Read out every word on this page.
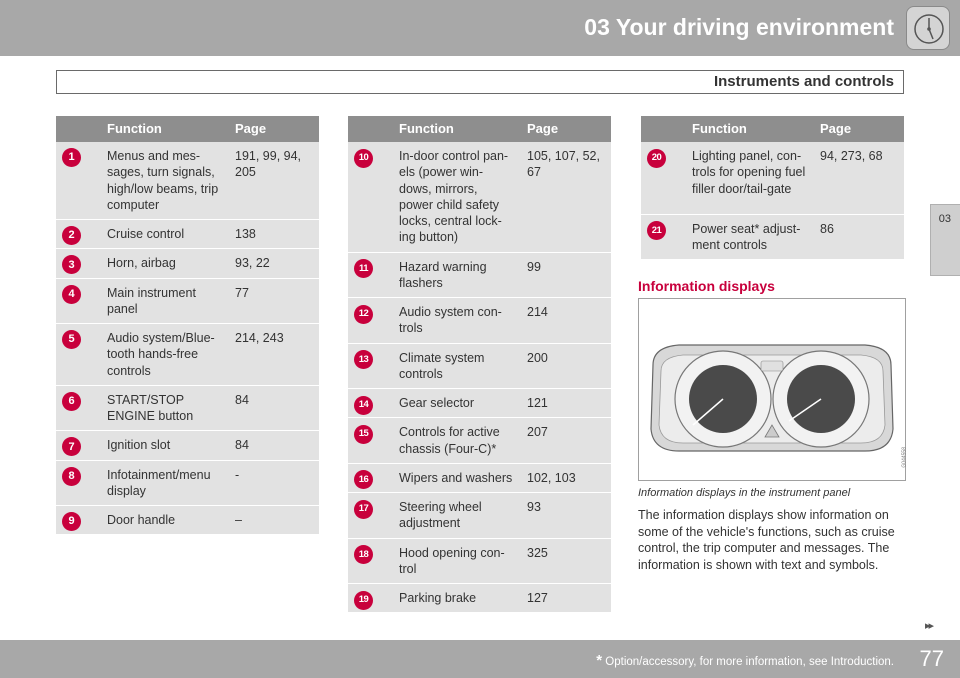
03 Your driving environment
Instruments and controls
03
	Function	Page
1	Menus and mes-sages, turn signals, high/low beams, trip computer	191, 99, 94, 205
2	Cruise control	138
3	Horn, airbag	93, 22
4	Main instrument panel	77
5	Audio system/Blue-tooth hands-free controls	214, 243
6	START/STOP ENGINE button	84
7	Ignition slot	84
8	Infotainment/menu display	-
9	Door handle	–
	Function	Page
10	In-door control pan-els (power win-dows, mirrors, power child safety locks, central lock-ing button)	105, 107, 52, 67
11	Hazard warning flashers	99
12	Audio system con-trols	214
13	Climate system controls	200
14	Gear selector	121
15	Controls for active chassis (Four-C)*	207
16	Wipers and washers	102, 103
17	Steering wheel adjustment	93
18	Hood opening con-trol	325
19	Parking brake	127
	Function	Page
20	Lighting panel, con-trols for opening fuel filler door/tail-gate	94, 273, 68
21	Power seat* adjust-ment controls	86
Information displays
G044558
Information displays in the instrument panel
The information displays show information on some of the vehicle's functions, such as cruise control, the trip computer and messages. The information is shown with text and symbols.
▸▸
* Option/accessory, for more information, see Introduction. 77
